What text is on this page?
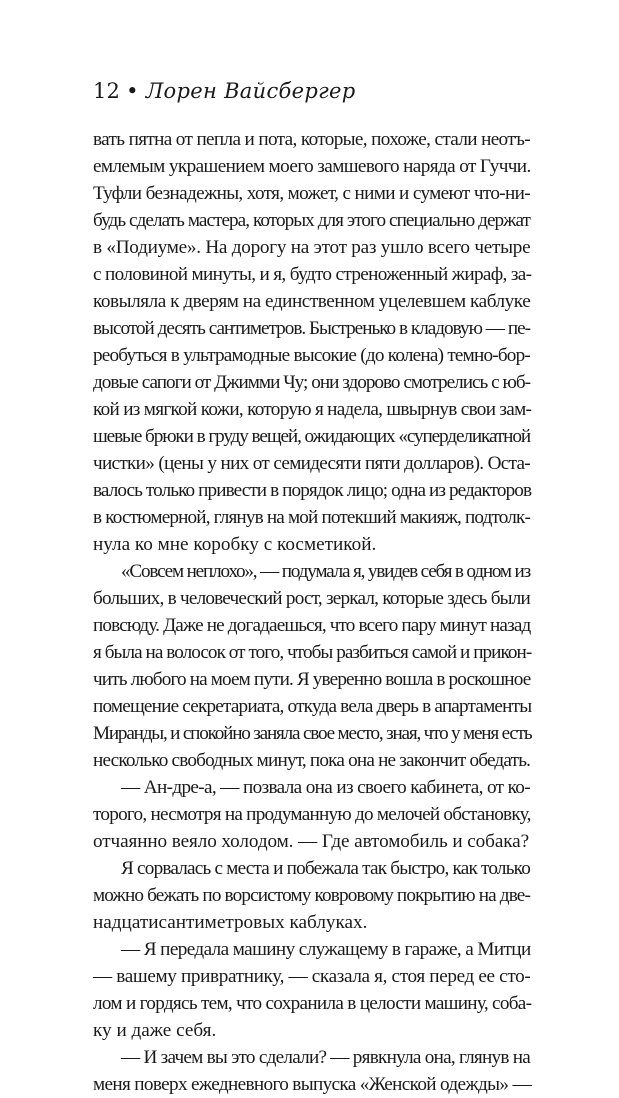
12 • Лорен Вайсбергер
вать пятна от пепла и пота, которые, похоже, стали неотъ-
емлемым украшением моего замшевого наряда от Гуччи.
Туфли безнадежны, хотя, может, с ними и сумеют что-ни-
будь сделать мастера, которых для этого специально держат
в «Подиуме». На дорогу на этот раз ушло всего четыре
с половиной минуты, и я, будто стреноженный жираф, за-
ковыляла к дверям на единственном уцелевшем каблуке
высотой десять сантиметров. Быстренько в кладовую — пе-
реобуться в ультрамодные высокие (до колена) темно-бор-
довые сапоги от Джимми Чу; они здорово смотрелись с юб-
кой из мягкой кожи, которую я надела, швырнув свои зам-
шевые брюки в груду вещей, ожидающих «суперделикатной
чистки» (цены у них от семидесяти пяти долларов). Оста-
валось только привести в порядок лицо; одна из редакторов
в костюмерной, глянув на мой потекший макияж, подтолк-
нула ко мне коробку с косметикой.
«Совсем неплохо», — подумала я, увидев себя в одном из
больших, в человеческий рост, зеркал, которые здесь были
повсюду. Даже не догадаешься, что всего пару минут назад
я была на волосок от того, чтобы разбиться самой и прикон-
чить любого на моем пути. Я уверенно вошла в роскошное
помещение секретариата, откуда вела дверь в апартаменты
Миранды, и спокойно заняла свое место, зная, что у меня есть
несколько свободных минут, пока она не закончит обедать.
— Ан-дре-а, — позвала она из своего кабинета, от ко-
торого, несмотря на продуманную до мелочей обстановку,
отчаянно веяло холодом. — Где автомобиль и собака?
Я сорвалась с места и побежала так быстро, как только
можно бежать по ворсистому ковровому покрытию на две-
надцатисантиметровых каблуках.
— Я передала машину служащему в гараже, а Митци
— вашему привратнику, — сказала я, стоя перед ее сто-
лом и гордясь тем, что сохранила в целости машину, соба-
ку и даже себя.
— И зачем вы это сделали? — рявкнула она, глянув на
меня поверх ежедневного выпуска «Женской одежды» —
